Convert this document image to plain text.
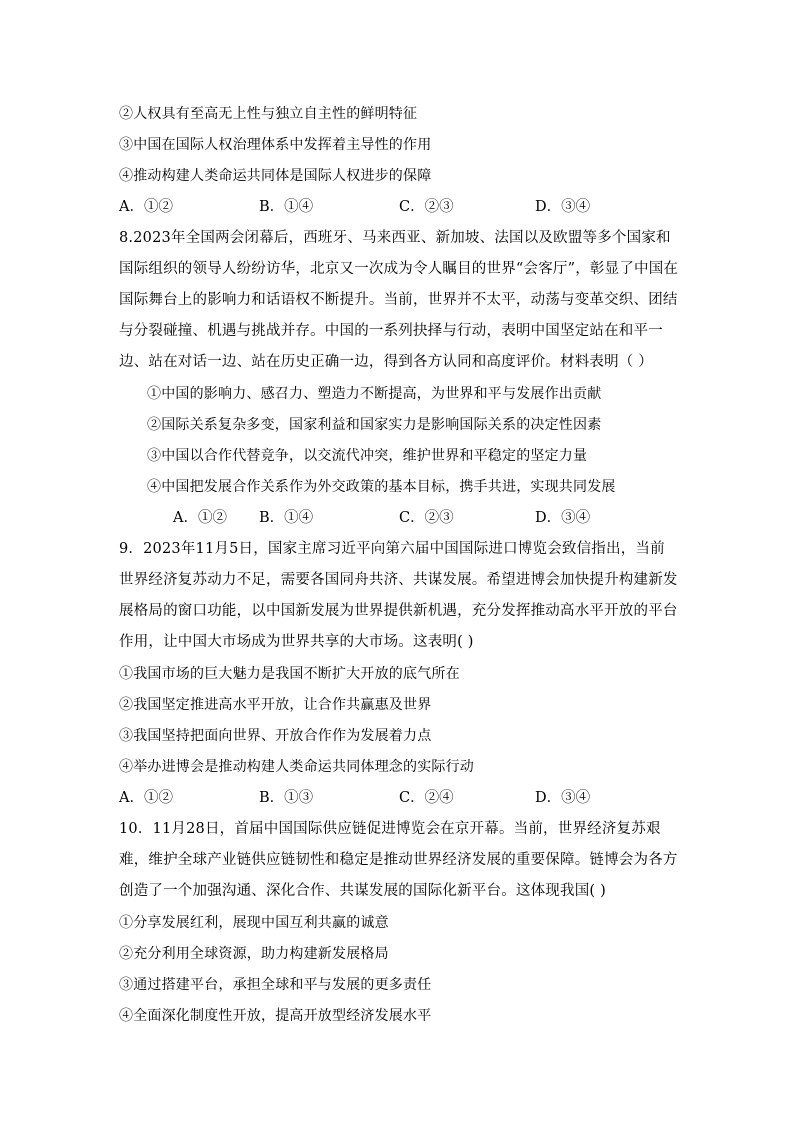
②人权具有至高无上性与独立自主性的鲜明特征
③中国在国际人权治理体系中发挥着主导性的作用
④推动构建人类命运共同体是国际人权进步的保障
A．①②	B．①④	C．②③	D．③④
8.2023年全国两会闭幕后，西班牙、马来西亚、新加坡、法国以及欧盟等多个国家和国际组织的领导人纷纷访华，北京又一次成为令人瞩目的世界“会客厅”，彰显了中国在国际舞台上的影响力和话语权不断提升。当前，世界并不太平，动荡与变革交织、团结与分裂碰撞、机遇与挑战并存。中国的一系列抉择与行动，表明中国坚定站在和平一边、站在对话一边、站在历史正确一边，得到各方认同和高度评价。材料表明（ ）
①中国的影响力、感召力、塑造力不断提高，为世界和平与发展作出贡献
②国际关系复杂多变，国家利益和国家实力是影响国际关系的决定性因素
③中国以合作代替竞争，以交流代冲突，维护世界和平稳定的坚定力量
④中国把发展合作关系作为外交政策的基本目标，携手共进，实现共同发展
A．①② B．①④	C．②③	D．③④
9．2023年11月5日，国家主席习近平向第六届中国国际进口博览会致信指出，当前世界经济复苏动力不足，需要各国同舟共济、共谋发展。希望进博会加快提升构建新发展格局的窗口功能，以中国新发展为世界提供新机遇，充分发挥推动高水平开放的平台作用，让中国大市场成为世界共享的大市场。这表明( )
①我国市场的巨大魅力是我国不断扩大开放的底气所在
②我国坚定推进高水平开放，让合作共赢惠及世界
③我国坚持把面向世界、开放合作作为发展着力点
④举办进博会是推动构建人类命运共同体理念的实际行动
A．①②	B．①③	C．②④	D．③④
10．11月28日，首届中国国际供应链促进博览会在京开幕。当前，世界经济复苏艰难，维护全球产业链供应链韧性和稳定是推动世界经济发展的重要保障。链博会为各方创造了一个加强沟通、深化合作、共谋发展的国际化新平台。这体现我国( )
①分享发展红利，展现中国互利共赢的诚意
②充分利用全球资源，助力构建新发展格局
③通过搭建平台，承担全球和平与发展的更多责任
④全面深化制度性开放，提高开放型经济发展水平
